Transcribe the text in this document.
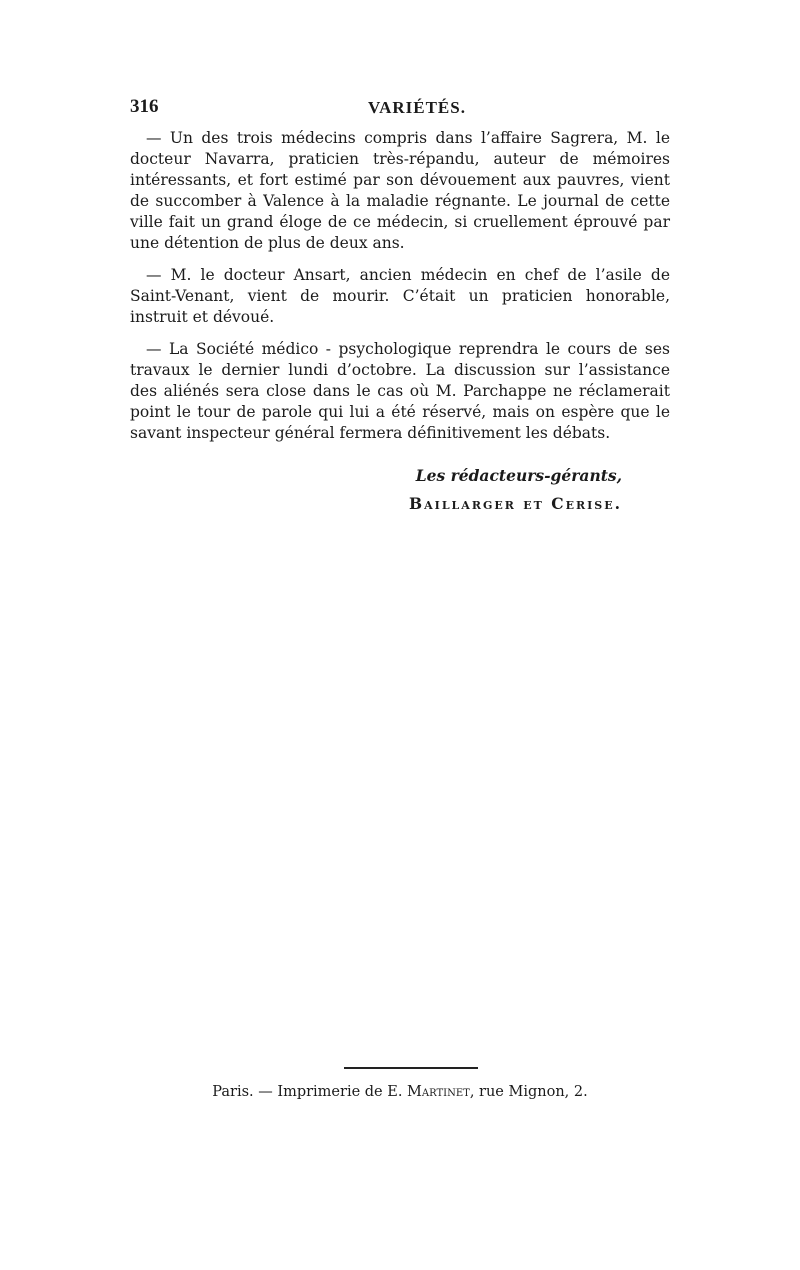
316	VARIÉTÉS.

— Un des trois médecins compris dans l’affaire Sagrera, M. le docteur Navarra, praticien très-répandu, auteur de mémoires intéressants, et fort estimé par son dévouement aux pauvres, vient de succomber à Valence à la maladie régnante. Le journal de cette ville fait un grand éloge de ce médecin, si cruellement éprouvé par une détention de plus de deux ans.

— M. le docteur Ansart, ancien médecin en chef de l’asile de Saint-Venant, vient de mourir. C’était un praticien honorable, instruit et dévoué.

— La Société médico - psychologique reprendra le cours de ses travaux le dernier lundi d’octobre. La discussion sur l’assistance des aliénés sera close dans le cas où M. Parchappe ne réclamerait point le tour de parole qui lui a été réservé, mais on espère que le savant inspecteur général fermera définitivement les débats.

Les rédacteurs-gérants,
Baillarger et Cerise.
Paris. — Imprimerie de E. Martinet, rue Mignon, 2.
